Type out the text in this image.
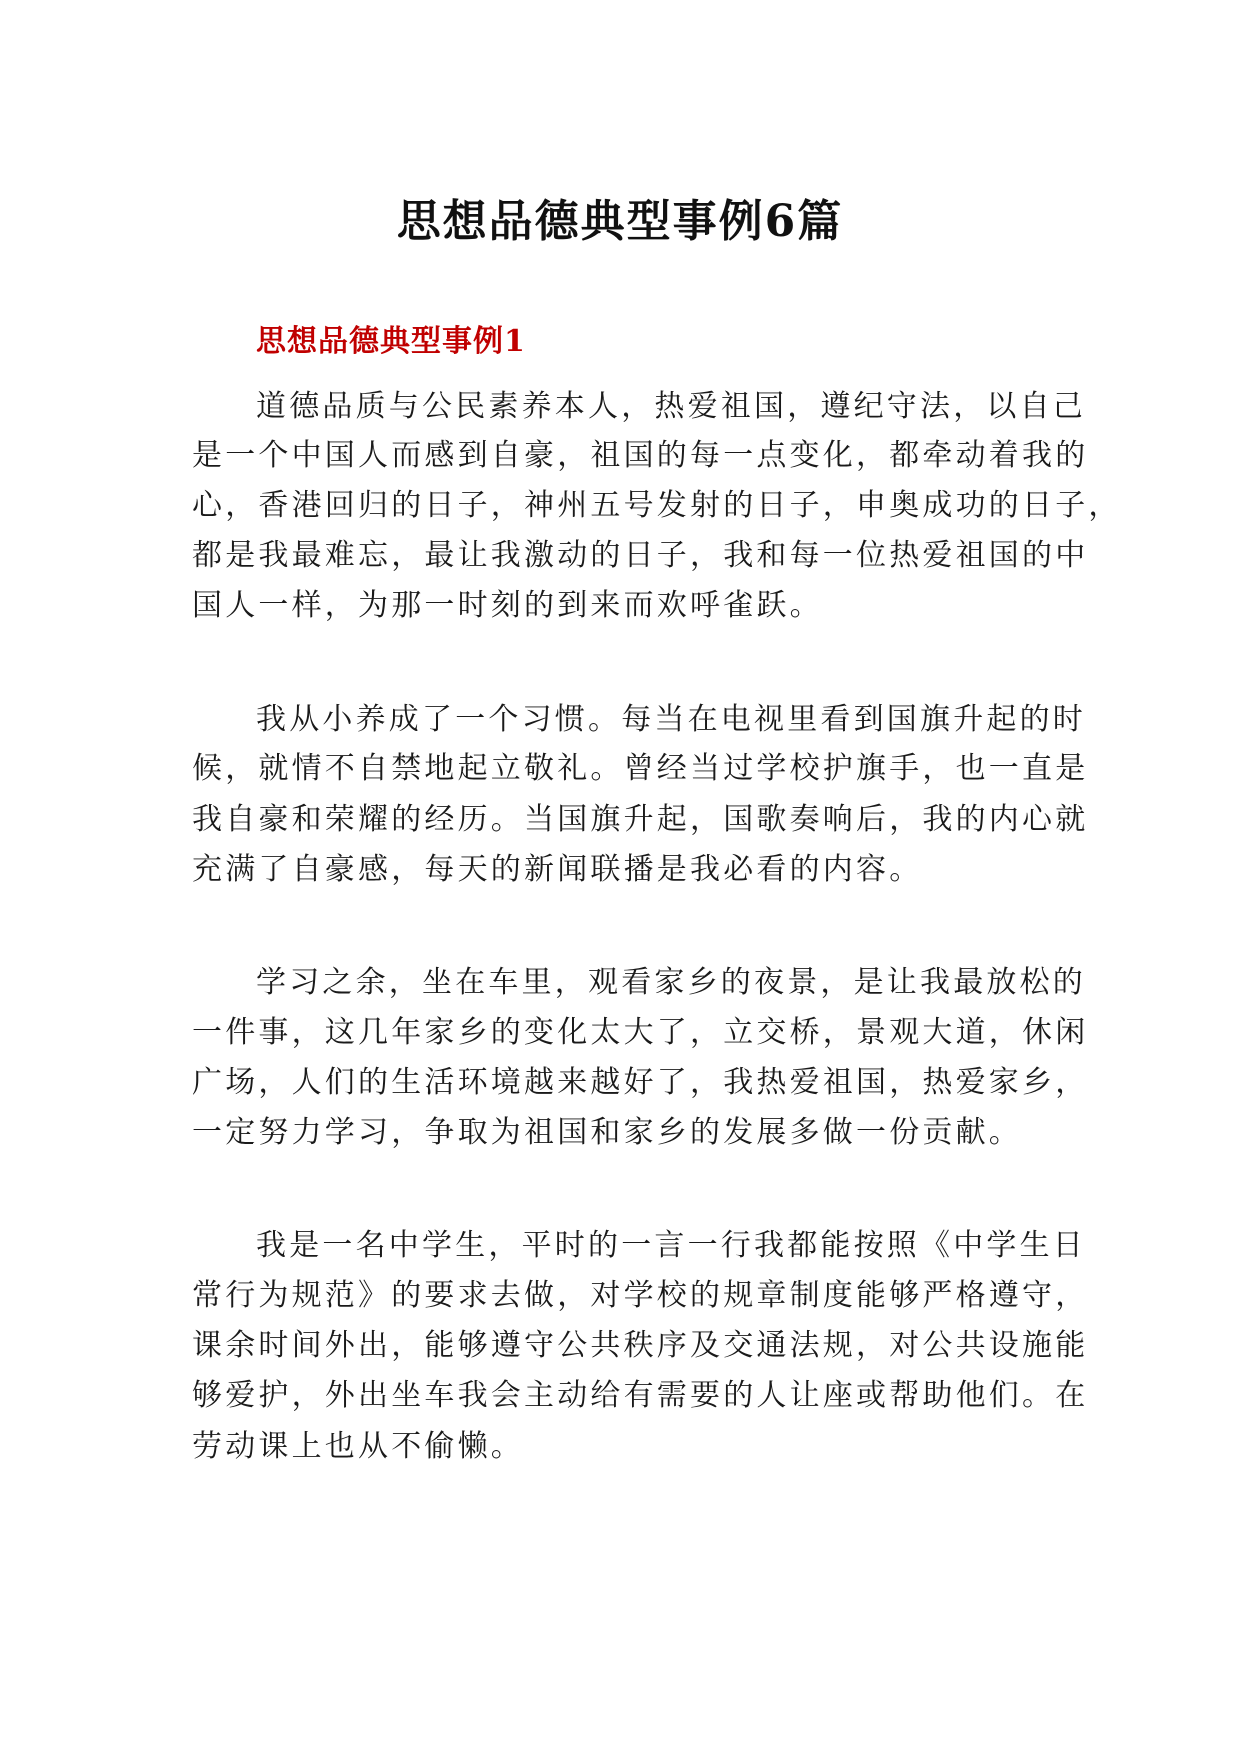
思想品德典型事例6篇
思想品德典型事例1
道德品质与公民素养本人，热爱祖国，遵纪守法，以自己
是一个中国人而感到自豪，祖国的每一点变化，都牵动着我的
心，香港回归的日子，神州五号发射的日子，申奥成功的日子，
都是我最难忘，最让我激动的日子，我和每一位热爱祖国的中
国人一样，为那一时刻的到来而欢呼雀跃。
我从小养成了一个习惯。每当在电视里看到国旗升起的时
候，就情不自禁地起立敬礼。曾经当过学校护旗手，也一直是
我自豪和荣耀的经历。当国旗升起，国歌奏响后，我的内心就
充满了自豪感，每天的新闻联播是我必看的内容。
学习之余，坐在车里，观看家乡的夜景，是让我最放松的
一件事，这几年家乡的变化太大了，立交桥，景观大道，休闲
广场，人们的生活环境越来越好了，我热爱祖国，热爱家乡，
一定努力学习，争取为祖国和家乡的发展多做一份贡献。
我是一名中学生，平时的一言一行我都能按照《中学生日
常行为规范》的要求去做，对学校的规章制度能够严格遵守，
课余时间外出，能够遵守公共秩序及交通法规，对公共设施能
够爱护，外出坐车我会主动给有需要的人让座或帮助他们。在
劳动课上也从不偷懒。
